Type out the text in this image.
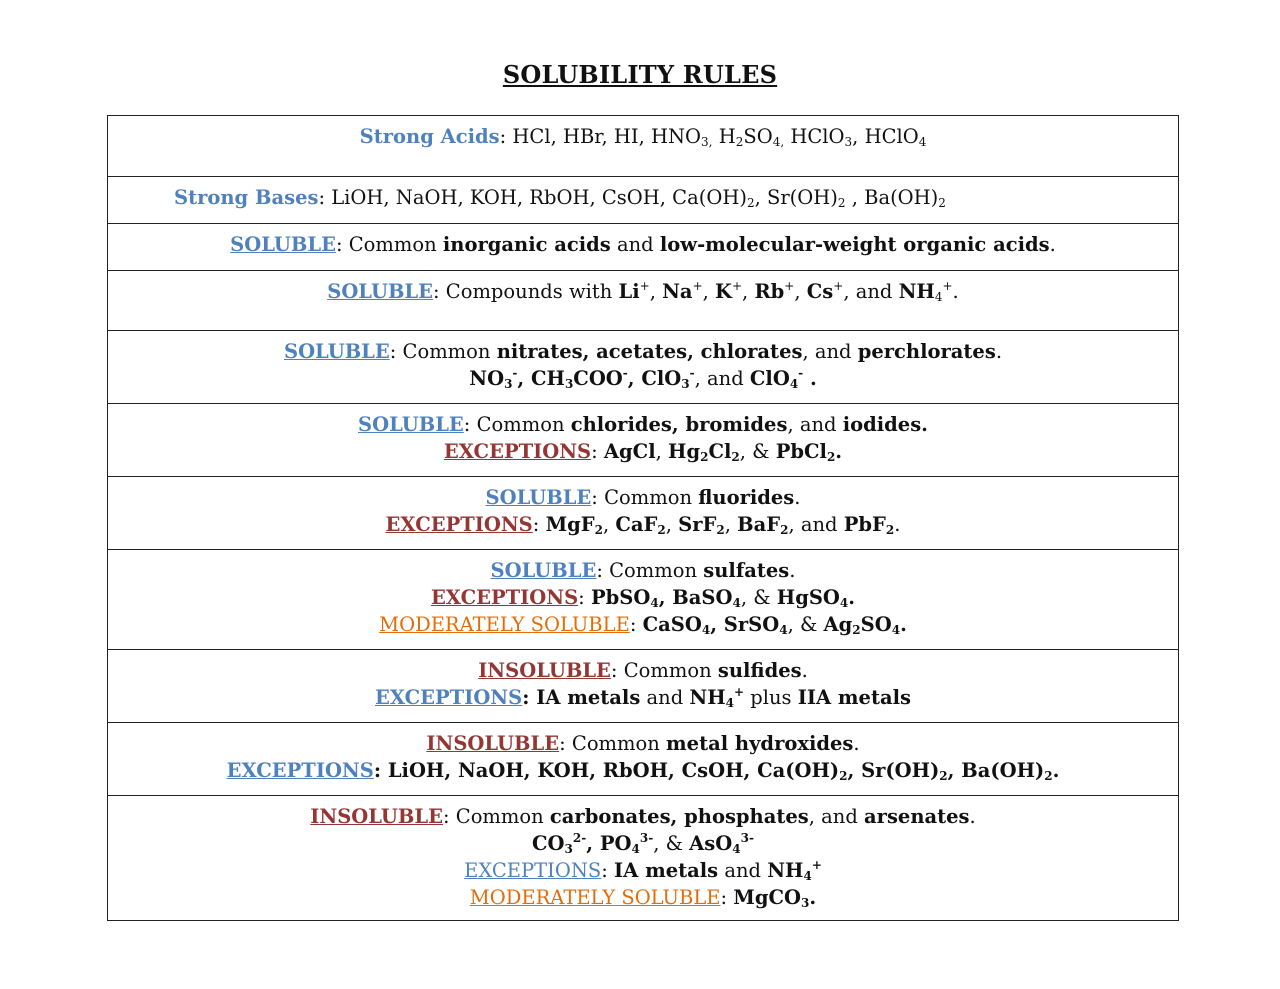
SOLUBILITY RULES
Strong Acids: HCl, HBr, HI, $HNO_{3,}$ $H_2SO_{4,}$ HClO$_3$, HClO$_4$

Strong Bases: LiOH, NaOH, KOH, RbOH, CsOH, $Ca(OH)_2$, $Sr(OH)_2$ , $Ba(OH)_2$

SOLUBLE: Common inorganic acids and low-molecular-weight organic acids.

SOLUBLE: Compounds with Li+, Na+, K+, Rb+, Cs+, and $NH_4^+$.

SOLUBLE: Common nitrates, acetates, chlorates, and perchlorates.
$NO_3^-$, $CH_3COO^-$, ClO$_3$-, and ClO$_4$- .

SOLUBLE: Common chlorides, bromides, and iodides.
EXCEPTIONS: AgCl, $Hg_2Cl_2$, & PbCl$_2$.

SOLUBLE: Common fluorides.
EXCEPTIONS: MgF$_2$, CaF$_2$, SrF$_2$, BaF$_2$, and PbF$_2$.

SOLUBLE: Common sulfates.
EXCEPTIONS: PbSO$_4$, BaSO$_4$, & HgSO$_4$.
MODERATELY SOLUBLE: CaSO$_4$, SrSO$_4$, & $Ag_2SO_4$.

INSOLUBLE: Common sulfides.
EXCEPTIONS: IA metals and $NH_4^+$ plus IIA metals

INSOLUBLE: Common metal hydroxides.
EXCEPTIONS: LiOH, NaOH, KOH, RbOH, CsOH, $Ca(OH)_2$, $Sr(OH)_2$, $Ba(OH)_2$.

INSOLUBLE: Common carbonates, phosphates, and arsenates.
$CO_3^{2-}$, $PO_4^{3-}$, & AsO$_4^{3-}$
EXCEPTIONS: IA metals and $NH_4^+$
MODERATELY SOLUBLE: MgCO$_3$.
